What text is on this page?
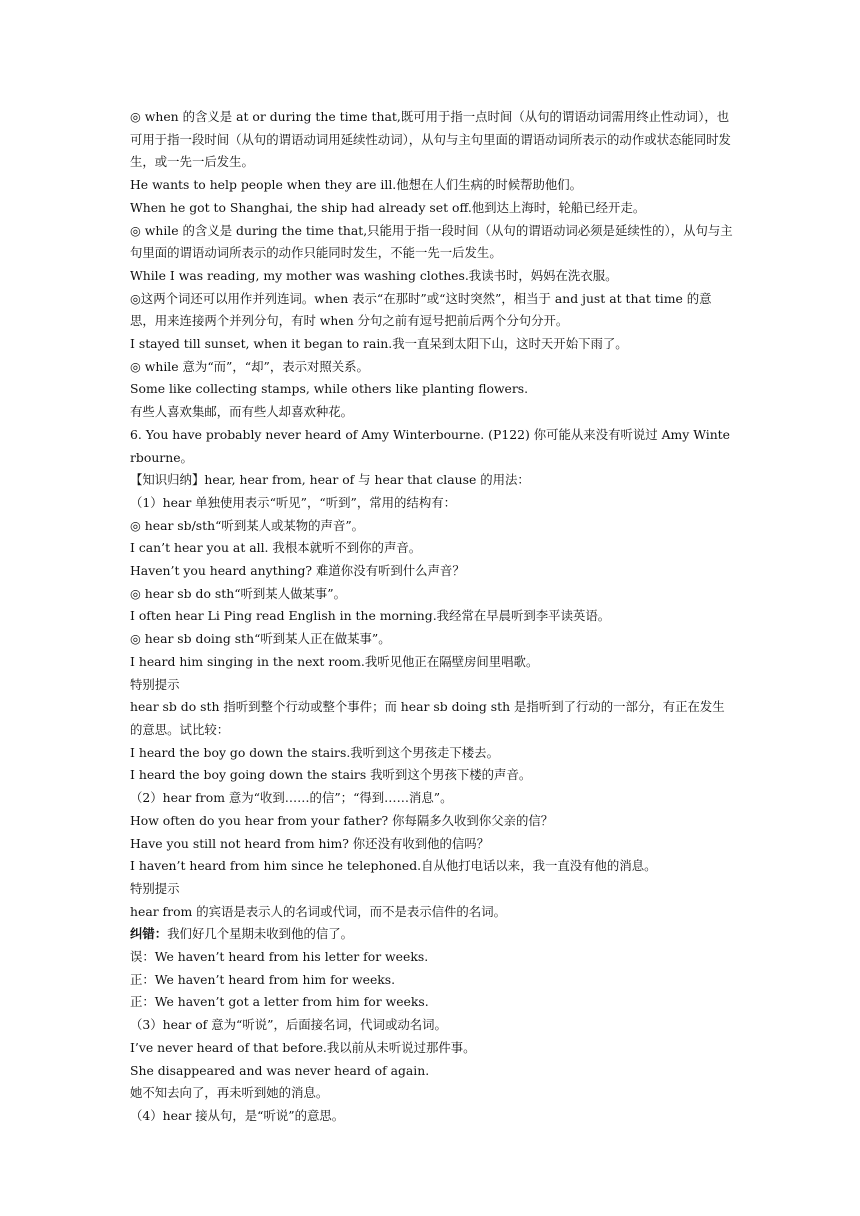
◎ when 的含义是 at or during the time that,既可用于指一点时间（从句的谓语动词需用终止性动词），也可用于指一段时间（从句的谓语动词用延续性动词），从句与主句里面的谓语动词所表示的动作或状态能同时发生，或一先一后发生。

He wants to help people when they are ill.他想在人们生病的时候帮助他们。

When he got to Shanghai, the ship had already set off.他到达上海时，轮船已经开走。

◎ while 的含义是 during the time that,只能用于指一段时间（从句的谓语动词必须是延续性的），从句与主句里面的谓语动词所表示的动作只能同时发生，不能一先一后发生。

While I was reading, my mother was washing clothes.我读书时，妈妈在洗衣服。

◎这两个词还可以用作并列连词。when 表示“在那时”或“这时突然”，相当于 and just at that time 的意思，用来连接两个并列分句，有时 when 分句之前有逗号把前后两个分句分开。

I stayed till sunset, when it began to rain.我一直呆到太阳下山，这时天开始下雨了。

◎ while 意为“而”，“却”，表示对照关系。

Some like collecting stamps, while others like planting flowers.

有些人喜欢集邮，而有些人却喜欢种花。

6. You have probably never heard of Amy Winterbourne. (P122) 你可能从来没有听说过 Amy Winterbourne。

【知识归纳】hear, hear from, hear of 与 hear that clause 的用法：

（1）hear 单独使用表示“听见”，“听到”，常用的结构有：

◎ hear sb/sth“听到某人或某物的声音”。

I can’t hear you at all. 我根本就听不到你的声音。

Haven’t you heard anything? 难道你没有听到什么声音？

◎ hear sb do sth“听到某人做某事”。

I often hear Li Ping read English in the morning.我经常在早晨听到李平读英语。

◎ hear sb doing sth“听到某人正在做某事”。

I heard him singing in the next room.我听见他正在隔壁房间里唱歌。

特别提示

hear sb do sth 指听到整个行动或整个事件；而 hear sb doing sth 是指听到了行动的一部分，有正在发生的意思。试比较：

I heard the boy go down the stairs.我听到这个男孩走下楼去。

I heard the boy going down the stairs 我听到这个男孩下楼的声音。

（2）hear from 意为“收到……的信”；“得到……消息”。

How often do you hear from your father? 你每隔多久收到你父亲的信？

Have you still not heard from him? 你还没有收到他的信吗？

I haven’t heard from him since he telephoned.自从他打电话以来，我一直没有他的消息。

特别提示

hear from 的宾语是表示人的名词或代词，而不是表示信件的名词。

纠错：我们好几个星期未收到他的信了。

误：We haven’t heard from his letter for weeks.

正：We haven’t heard from him for weeks.

正：We haven’t got a letter from him for weeks.

（3）hear of 意为“听说”，后面接名词，代词或动名词。

I’ve never heard of that before.我以前从未听说过那件事。

She disappeared and was never heard of again.

她不知去向了，再未听到她的消息。

（4）hear 接从句，是“听说”的意思。
